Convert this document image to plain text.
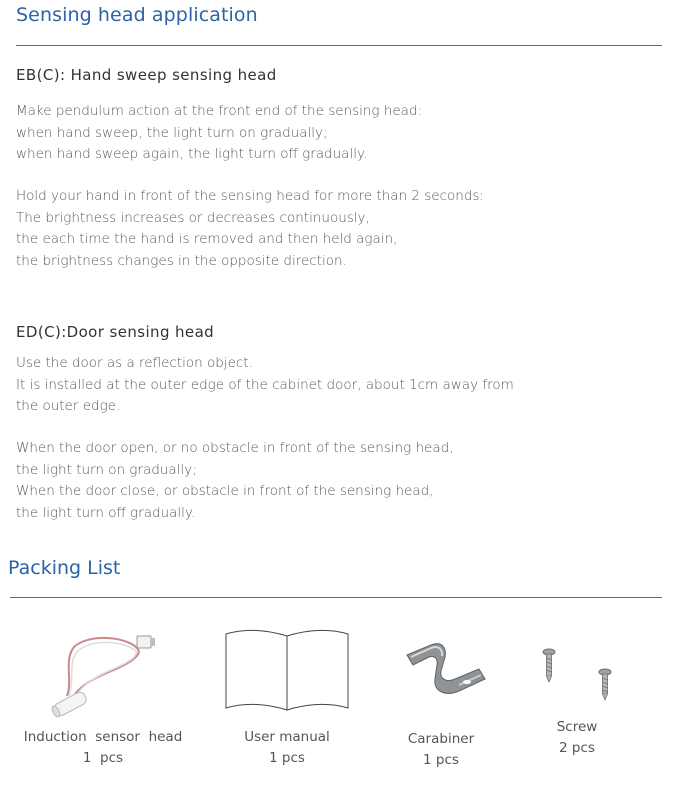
Sensing head application
EB(C): Hand sweep sensing head
Make pendulum action at the front end of the sensing head:
when hand sweep, the light turn on gradually;
when hand sweep again, the light turn off gradually.
Hold your hand in front of the sensing head for more than 2 seconds:
The brightness increases or decreases continuously,
the each time the hand is removed and then held again,
the brightness changes in the opposite direction.
ED(C):Door sensing head
Use the door as a reflection object.
It is installed at the outer edge of the cabinet door, about 1cm away from
the outer edge.
When the door open, or no obstacle in front of the sensing head,
the light turn on gradually;
When the door close, or obstacle in front of the sensing head,
the light turn off gradually.
Packing List
Induction  sensor  head
1  pcs
User manual
1 pcs
Carabiner
1 pcs
Screw
2 pcs
